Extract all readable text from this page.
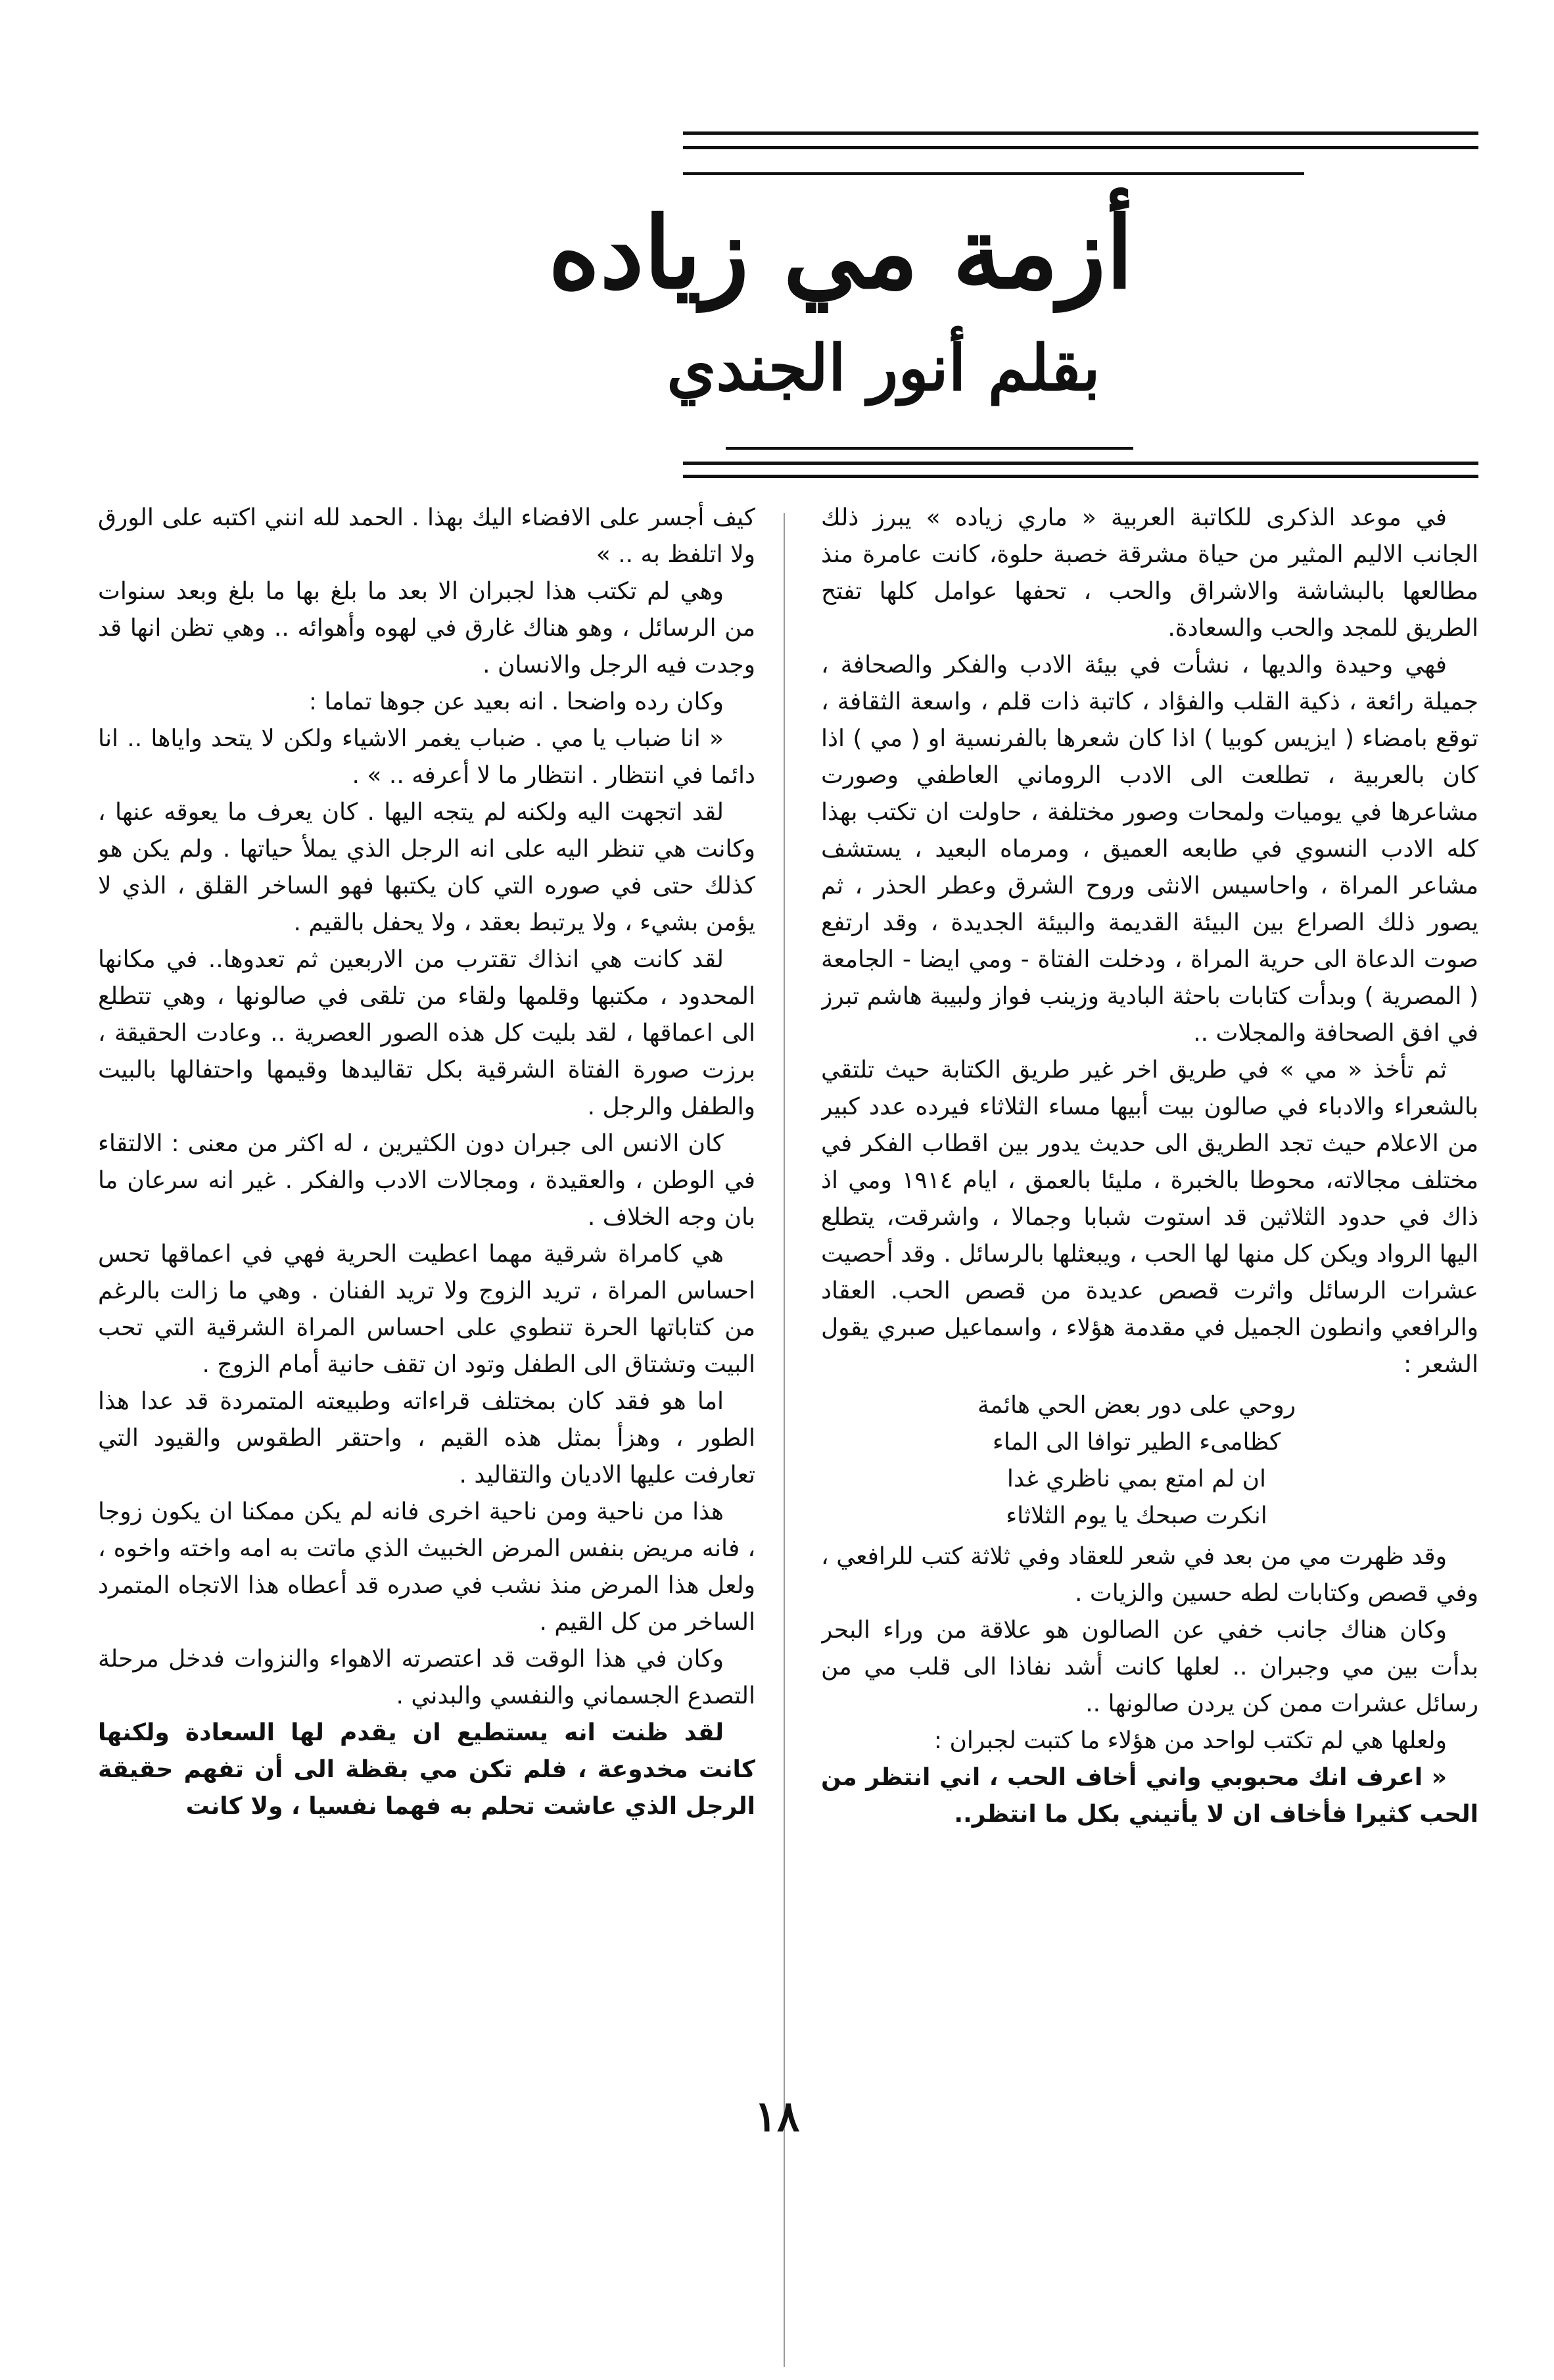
أزمة مي زياده
بقلم أنور الجندي

في موعد الذكرى للكاتبة العربية « ماري زياده » يبرز ذلك الجانب الاليم المثير من حياة مشرقة خصبة حلوة، كانت عامرة منذ مطالعها بالبشاشة والاشراق والحب ، تحفها عوامل كلها تفتح الطريق للمجد والحب والسعادة.

فهي وحيدة والديها ، نشأت في بيئة الادب والفكر والصحافة ، جميلة رائعة ، ذكية القلب والفؤاد ، كاتبة ذات قلم ، واسعة الثقافة ، توقع بامضاء ( ايزيس كوبيا ) اذا كان شعرها بالفرنسية او ( مي ) اذا كان بالعربية ، تطلعت الى الادب الروماني العاطفي وصورت مشاعرها في يوميات ولمحات وصور مختلفة ، حاولت ان تكتب بهذا كله الادب النسوي في طابعه العميق ، ومرماه البعيد ، يستشف مشاعر المراة ، واحاسيس الانثى وروح الشرق وعطر الحذر ، ثم يصور ذلك الصراع بين البيئة القديمة والبيئة الجديدة ، وقد ارتفع صوت الدعاة الى حرية المراة ، ودخلت الفتاة - ومي ايضا - الجامعة ( المصرية ) وبدأت كتابات باحثة البادية وزينب فواز ولبيبة هاشم تبرز في افق الصحافة والمجلات ..

ثم تأخذ « مي » في طريق اخر غير طريق الكتابة حيث تلتقي بالشعراء والادباء في صالون بيت أبيها مساء الثلاثاء فيرده عدد كبير من الاعلام حيث تجد الطريق الى حديث يدور بين اقطاب الفكر في مختلف مجالاته، محوطا بالخبرة ، مليئا بالعمق ، ايام ١٩١٤ ومي اذ ذاك في حدود الثلاثين قد استوت شبابا وجمالا ، واشرقت، يتطلع اليها الرواد ويكن كل منها لها الحب ، ويبعثلها بالرسائل . وقد أحصيت عشرات الرسائل واثرت قصص عديدة من قصص الحب. العقاد والرافعي وانطون الجميل في مقدمة هؤلاء ، واسماعيل صبري يقول الشعر :

روحي على دور بعض الحي هائمة
كظامىء الطير توافا الى الماء
ان لم امتع بمي ناظري غدا
انكرت صبحك يا يوم الثلاثاء

وقد ظهرت مي من بعد في شعر للعقاد وفي ثلاثة كتب للرافعي ، وفي قصص وكتابات لطه حسين والزيات .

وكان هناك جانب خفي عن الصالون هو علاقة من وراء البحر بدأت بين مي وجبران .. لعلها كانت أشد نفاذا الى قلب مي من رسائل عشرات ممن كن يردن صالونها ..

ولعلها هي لم تكتب لواحد من هؤلاء ما كتبت لجبران :

« اعرف انك محبوبي واني أخاف الحب ، اني انتظر من الحب كثيرا فأخاف ان لا يأتيني بكل ما انتظر..

كيف أجسر على الافضاء اليك بهذا . الحمد لله انني اكتبه على الورق ولا اتلفظ به .. »

وهي لم تكتب هذا لجبران الا بعد ما بلغ بها ما بلغ وبعد سنوات من الرسائل ، وهو هناك غارق في لهوه وأهوائه .. وهي تظن انها قد وجدت فيه الرجل والانسان .

وكان رده واضحا . انه بعيد عن جوها تماما :

« انا ضباب يا مي . ضباب يغمر الاشياء ولكن لا يتحد واياها .. انا دائما في انتظار . انتظار ما لا أعرفه .. » .

لقد اتجهت اليه ولكنه لم يتجه اليها . كان يعرف ما يعوقه عنها ، وكانت هي تنظر اليه على انه الرجل الذي يملأ حياتها . ولم يكن هو كذلك حتى في صوره التي كان يكتبها فهو الساخر القلق ، الذي لا يؤمن بشيء ، ولا يرتبط بعقد ، ولا يحفل بالقيم .

لقد كانت هي انذاك تقترب من الاربعين ثم تعدوها.. في مكانها المحدود ، مكتبها وقلمها ولقاء من تلقى في صالونها ، وهي تتطلع الى اعماقها ، لقد بليت كل هذه الصور العصرية .. وعادت الحقيقة ، برزت صورة الفتاة الشرقية بكل تقاليدها وقيمها واحتفالها بالبيت والطفل والرجل .

كان الانس الى جبران دون الكثيرين ، له اكثر من معنى : الالتقاء في الوطن ، والعقيدة ، ومجالات الادب والفكر . غير انه سرعان ما بان وجه الخلاف .

هي كامراة شرقية مهما اعطيت الحرية فهي في اعماقها تحس احساس المراة ، تريد الزوج ولا تريد الفنان . وهي ما زالت بالرغم من كتاباتها الحرة تنطوي على احساس المراة الشرقية التي تحب البيت وتشتاق الى الطفل وتود ان تقف حانية أمام الزوج .

اما هو فقد كان بمختلف قراءاته وطبيعته المتمردة قد عدا هذا الطور ، وهزأ بمثل هذه القيم ، واحتقر الطقوس والقيود التي تعارفت عليها الاديان والتقاليد .

هذا من ناحية ومن ناحية اخرى فانه لم يكن ممكنا ان يكون زوجا ، فانه مريض بنفس المرض الخبيث الذي ماتت به امه واخته واخوه ، ولعل هذا المرض منذ نشب في صدره قد أعطاه هذا الاتجاه المتمرد الساخر من كل القيم .

وكان في هذا الوقت قد اعتصرته الاهواء والنزوات فدخل مرحلة التصدع الجسماني والنفسي والبدني .

لقد ظنت انه يستطيع ان يقدم لها السعادة ولكنها كانت مخدوعة ، فلم تكن مي بقظة الى أن تفهم حقيقة الرجل الذي عاشت تحلم به فهما نفسيا ، ولا كانت

١٨
